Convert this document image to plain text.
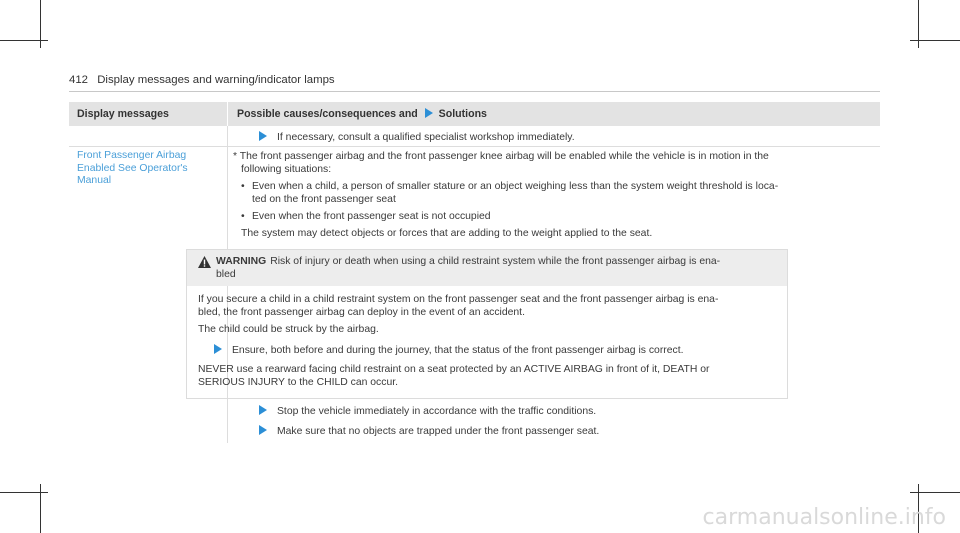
412 Display messages and warning/indicator lamps
Display messages	Possible causes/consequences and Solutions
If necessary, consult a qualified specialist workshop immediately.
Front Passenger Airbag
Enabled See Operator's
Manual
* The front passenger airbag and the front passenger knee airbag will be enabled while the vehicle is in motion in the
following situations:
• Even when a child, a person of smaller stature or an object weighing less than the system weight threshold is loca-
ted on the front passenger seat
• Even when the front passenger seat is not occupied
The system may detect objects or forces that are adding to the weight applied to the seat.
WARNING Risk of injury or death when using a child restraint system while the front passenger airbag is ena-
bled
If you secure a child in a child restraint system on the front passenger seat and the front passenger airbag is ena-
bled, the front passenger airbag can deploy in the event of an accident.
The child could be struck by the airbag.
Ensure, both before and during the journey, that the status of the front passenger airbag is correct.
NEVER use a rearward facing child restraint on a seat protected by an ACTIVE AIRBAG in front of it, DEATH or
SERIOUS INJURY to the CHILD can occur.
Stop the vehicle immediately in accordance with the traffic conditions.
Make sure that no objects are trapped under the front passenger seat.
carmanualsonline.info
